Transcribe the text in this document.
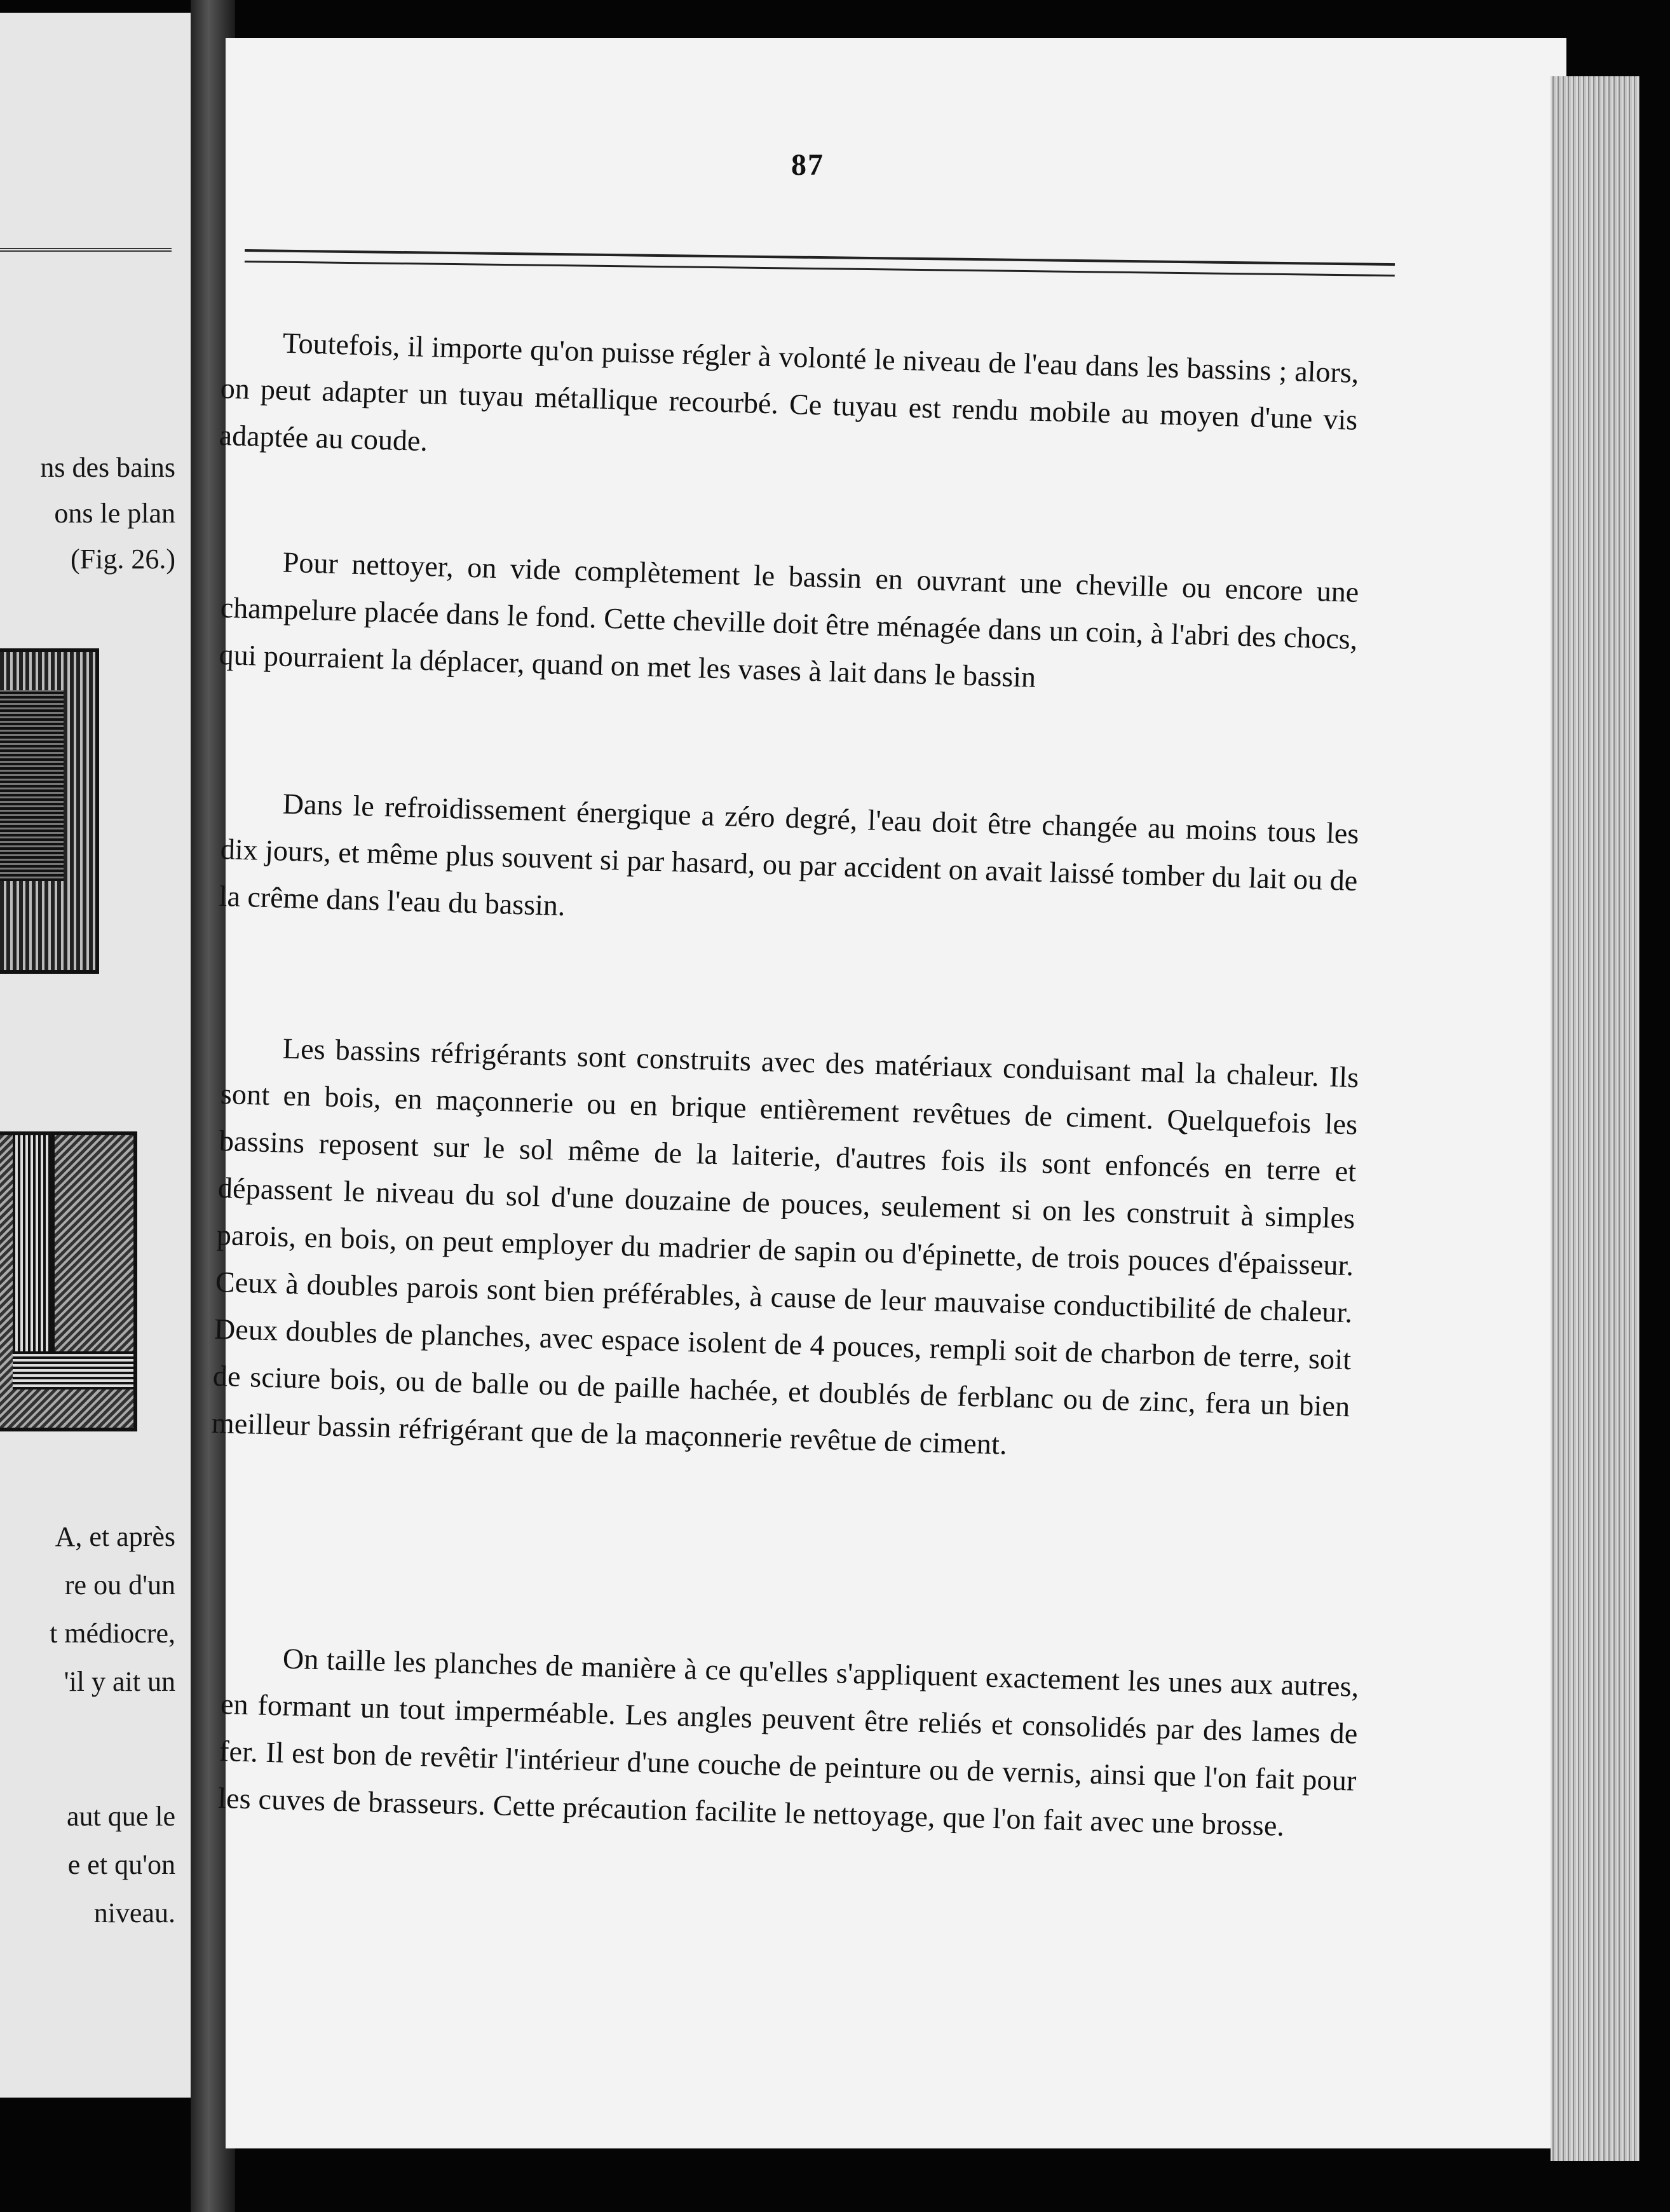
ns des bains
ons le plan
(Fig. 26.)
A, et après
re ou d'un
t médiocre,
'il y ait un
aut que le
e et qu'on
niveau.
87

Toutefois, il importe qu'on puisse régler à volonté le niveau de l'eau dans les bassins ; alors, on peut adapter un tuyau métallique recourbé. Ce tuyau est rendu mobile au moyen d'une vis adaptée au coude.

Pour nettoyer, on vide complètement le bassin en ouvrant une cheville ou encore une champelure placée dans le fond. Cette cheville doit être ménagée dans un coin, à l'abri des chocs, qui pourraient la déplacer, quand on met les vases à lait dans le bassin

Dans le refroidissement énergique a zéro degré, l'eau doit être changée au moins tous les dix jours, et même plus souvent si par hasard, ou par accident on avait laissé tomber du lait ou de la crême dans l'eau du bassin.

Les bassins réfrigérants sont construits avec des matériaux conduisant mal la chaleur. Ils sont en bois, en maçonnerie ou en brique entièrement revêtues de ciment. Quelquefois les bassins reposent sur le sol même de la laiterie, d'autres fois ils sont enfoncés en terre et dépassent le niveau du sol d'une douzaine de pouces, seulement si on les construit à simples parois, en bois, on peut employer du madrier de sapin ou d'épinette, de trois pouces d'épaisseur. Ceux à doubles parois sont bien préférables, à cause de leur mauvaise conductibilité de chaleur. Deux doubles de planches, avec espace isolent de 4 pouces, rempli soit de charbon de terre, soit de sciure bois, ou de balle ou de paille hachée, et doublés de ferblanc ou de zinc, fera un bien meilleur bassin réfrigérant que de la maçonnerie revêtue de ciment.

On taille les planches de manière à ce qu'elles s'appliquent exactement les unes aux autres, en formant un tout imperméable. Les angles peuvent être reliés et consolidés par des lames de fer. Il est bon de revêtir l'intérieur d'une couche de peinture ou de vernis, ainsi que l'on fait pour les cuves de brasseurs. Cette précaution facilite le nettoyage, que l'on fait avec une brosse.
